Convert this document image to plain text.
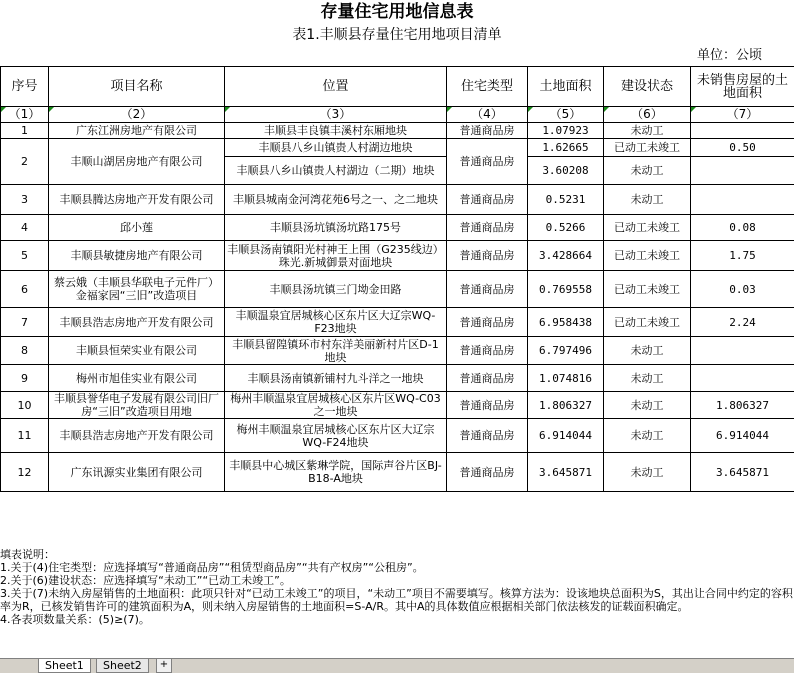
存量住宅用地信息表
表1.丰顺县存量住宅用地项目清单
单位：公顷
序号	项目名称	位置	住宅类型	土地面积	建设状态	未销售房屋的土地面积
（1）	（2）	（3）	（4）	（5）	（6）	（7）
1	广东江洲房地产有限公司	丰顺县丰良镇丰溪村东厢地块	普通商品房	1.07923	未动工	
2	丰顺山湖居房地产有限公司	丰顺县八乡山镇贵人村湖边地块	普通商品房	1.62665	已动工未竣工	0.50
		丰顺县八乡山镇贵人村湖边（二期）地块		3.60208	未动工	
3	丰顺县腾达房地产开发有限公司	丰顺县城南金河湾花苑6号之一、之二地块	普通商品房	0.5231	未动工	
4	邱小莲	丰顺县汤坑镇汤坑路175号	普通商品房	0.5266	已动工未竣工	0.08
5	丰顺县敏捷房地产有限公司	丰顺县汤南镇阳光村神王上围（G235线边）珠光.新城御景对面地块	普通商品房	3.428664	已动工未竣工	1.75
6	蔡云娥（丰顺县华联电子元件厂）金福家园“三旧”改造项目	丰顺县汤坑镇三门坳金田路	普通商品房	0.769558	已动工未竣工	0.03
7	丰顺县浩志房地产开发有限公司	丰顺温泉宜居城核心区东片区大辽宗WQ-F23地块	普通商品房	6.958438	已动工未竣工	2.24
8	丰顺县恒荣实业有限公司	丰顺县留隍镇环市村东洋美丽新村片区D-1地块	普通商品房	6.797496	未动工	
9	梅州市旭佳实业有限公司	丰顺县汤南镇新铺村九斗洋之一地块	普通商品房	1.074816	未动工	
10	丰顺县誉华电子发展有限公司旧厂房“三旧”改造项目用地	梅州丰顺温泉宜居城核心区东片区WQ-C03之一地块	普通商品房	1.806327	未动工	1.806327
11	丰顺县浩志房地产开发有限公司	梅州丰顺温泉宜居城核心区东片区大辽宗WQ-F24地块	普通商品房	6.914044	未动工	6.914044
12	广东讯源实业集团有限公司	丰顺县中心城区紫琳学院，国际声谷片区BJ-B18-A地块	普通商品房	3.645871	未动工	3.645871
填表说明：
1.关于(4)住宅类型：应选择填写“普通商品房”“租赁型商品房”“共有产权房”“公租房”。
2.关于(6)建设状态：应选择填写“未动工”“已动工未竣工”。
3.关于(7)未纳入房屋销售的土地面积：此项只针对“已动工未竣工”的项目，“未动工”项目不需要填写。核算方法为：设该地块总面积为S，其出让合同中约定的容积率为R，已核发销售许可的建筑面积为A，则未纳入房屋销售的土地面积=S-A/R。其中A的具体数值应根据相关部门依法核发的证载面积确定。
4.各表项数量关系：(5)≥(7)。
Sheet1	Sheet2	+
